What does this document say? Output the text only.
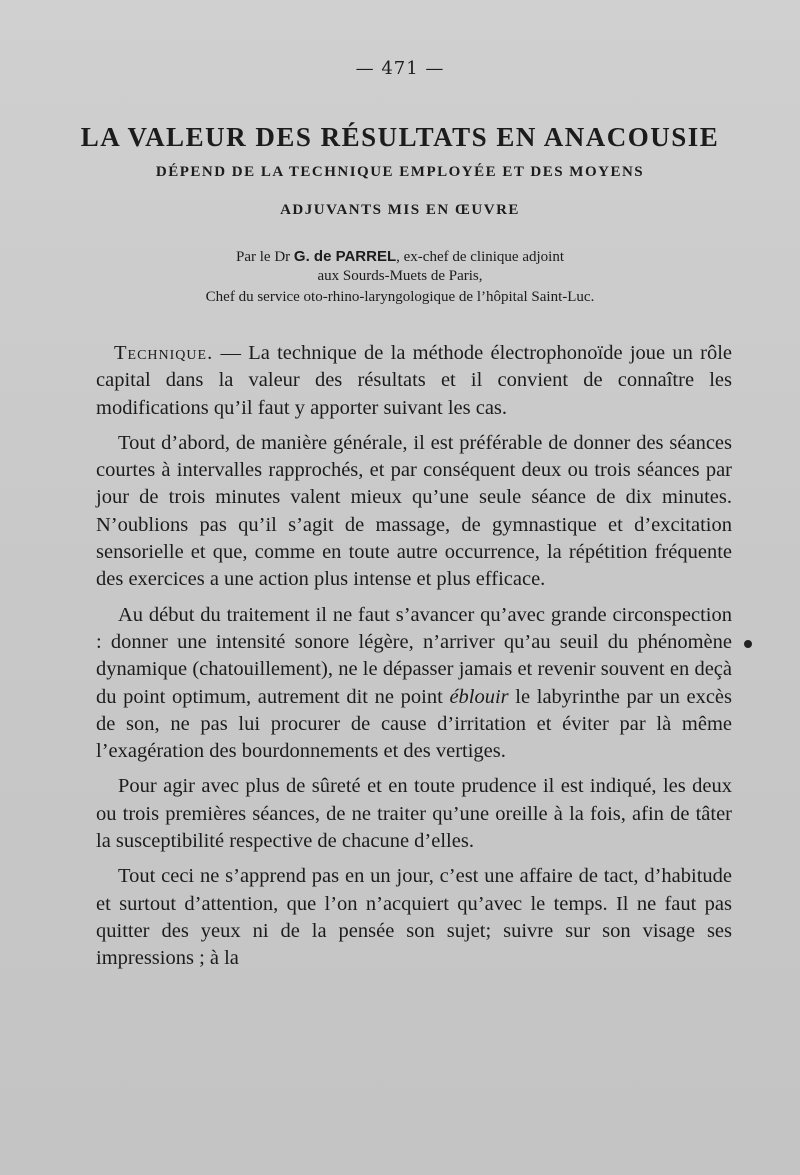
— 471 —
LA VALEUR DES RÉSULTATS EN ANACOUSIE
DÉPEND DE LA TECHNIQUE EMPLOYÉE ET DES MOYENS
ADJUVANTS MIS EN ŒUVRE
Par le Dr G. de PARREL, ex-chef de clinique adjoint
aux Sourds-Muets de Paris,
Chef du service oto-rhino-laryngologique de l’hôpital Saint-Luc.

Technique. — La technique de la méthode électrophonoïde joue un rôle capital dans la valeur des résultats et il convient de connaître les modifications qu’il faut y apporter suivant les cas.

Tout d’abord, de manière générale, il est préférable de donner des séances courtes à intervalles rapprochés, et par conséquent deux ou trois séances par jour de trois minutes valent mieux qu’une seule séance de dix minutes. N’oublions pas qu’il s’agit de massage, de gymnastique et d’excitation sensorielle et que, comme en toute autre occurrence, la répétition fréquente des exercices a une action plus intense et plus efficace.

Au début du traitement il ne faut s’avancer qu’avec grande circonspection : donner une intensité sonore légère, n’arriver qu’au seuil du phénomène dynamique (chatouillement), ne le dépasser jamais et revenir souvent en deçà du point optimum, autrement dit ne point éblouir le labyrinthe par un excès de son, ne pas lui procurer de cause d’irritation et éviter par là même l’exagération des bourdonnements et des vertiges.

Pour agir avec plus de sûreté et en toute prudence il est indiqué, les deux ou trois premières séances, de ne traiter qu’une oreille à la fois, afin de tâter la susceptibilité respective de chacune d’elles.

Tout ceci ne s’apprend pas en un jour, c’est une affaire de tact, d’habitude et surtout d’attention, que l’on n’acquiert qu’avec le temps. Il ne faut pas quitter des yeux ni de la pensée son sujet; suivre sur son visage ses impressions ; à la
